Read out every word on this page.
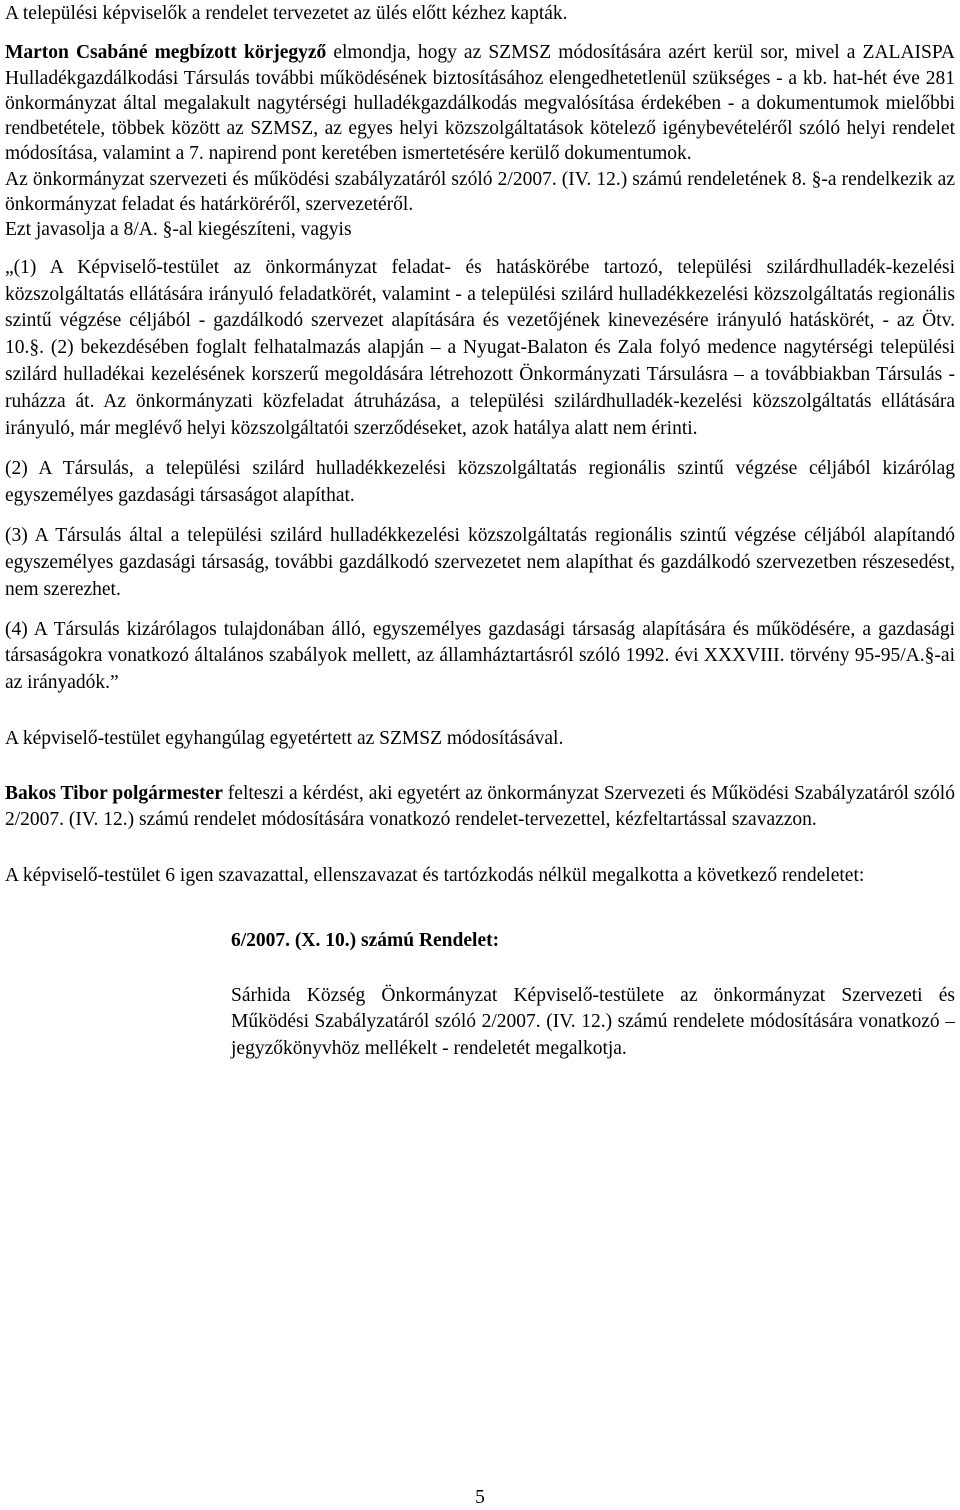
A települési képviselők a rendelet tervezetet az ülés előtt kézhez kapták.

Marton Csabáné megbízott körjegyző elmondja, hogy az SZMSZ módosítására azért kerül sor, mivel a ZALAISPA Hulladékgazdálkodási Társulás további működésének biztosításához elengedhetetlenül szükséges - a kb. hat-hét éve 281 önkormányzat által megalakult nagytérségi hulladékgazdálkodás megvalósítása érdekében - a dokumentumok mielőbbi rendbetétele, többek között az SZMSZ, az egyes helyi közszolgáltatások kötelező igénybevételéről szóló helyi rendelet módosítása, valamint a 7. napirend pont keretében ismertetésére kerülő dokumentumok.

Az önkormányzat szervezeti és működési szabályzatáról szóló 2/2007. (IV. 12.) számú rendeletének 8. §-a rendelkezik az önkormányzat feladat és határköréről, szervezetéről.

Ezt javasolja a 8/A. §-al kiegészíteni, vagyis

„(1) A Képviselő-testület az önkormányzat feladat- és hatáskörébe tartozó, települési szilárdhulladék-kezelési közszolgáltatás ellátására irányuló feladatkörét, valamint - a települési szilárd hulladékkezelési közszolgáltatás regionális szintű végzése céljából - gazdálkodó szervezet alapítására és vezetőjének kinevezésére irányuló hatáskörét, - az Ötv. 10.§. (2) bekezdésében foglalt felhatalmazás alapján – a Nyugat-Balaton és Zala folyó medence nagytérségi települési szilárd hulladékai kezelésének korszerű megoldására létrehozott Önkormányzati Társulásra – a továbbiakban Társulás - ruházza át. Az önkormányzati közfeladat átruházása, a települési szilárdhulladék-kezelési közszolgáltatás ellátására irányuló, már meglévő helyi közszolgáltatói szerződéseket, azok hatálya alatt nem érinti.

(2) A Társulás, a települési szilárd hulladékkezelési közszolgáltatás regionális szintű végzése céljából kizárólag egyszemélyes gazdasági társaságot alapíthat.

(3) A Társulás által a települési szilárd hulladékkezelési közszolgáltatás regionális szintű végzése céljából alapítandó egyszemélyes gazdasági társaság, további gazdálkodó szervezetet nem alapíthat és gazdálkodó szervezetben részesedést, nem szerezhet.

(4) A Társulás kizárólagos tulajdonában álló, egyszemélyes gazdasági társaság alapítására és működésére, a gazdasági társaságokra vonatkozó általános szabályok mellett, az államháztartásról szóló 1992. évi XXXVIII. törvény 95-95/A.§-ai az irányadók.”

A képviselő-testület egyhangúlag egyetértett az SZMSZ módosításával.

Bakos Tibor polgármester felteszi a kérdést, aki egyetért az önkormányzat Szervezeti és Működési Szabályzatáról szóló 2/2007. (IV. 12.) számú rendelet módosítására vonatkozó rendelet-tervezettel, kézfeltartással szavazzon.

A képviselő-testület 6 igen szavazattal, ellenszavazat és tartózkodás nélkül megalkotta a következő rendeletet:

6/2007. (X. 10.) számú Rendelet:

Sárhida Község Önkormányzat Képviselő-testülete az önkormányzat Szervezeti és Működési Szabályzatáról szóló 2/2007. (IV. 12.) számú rendelete módosítására vonatkozó – jegyzőkönyvhöz mellékelt - rendeletét megalkotja.

5
